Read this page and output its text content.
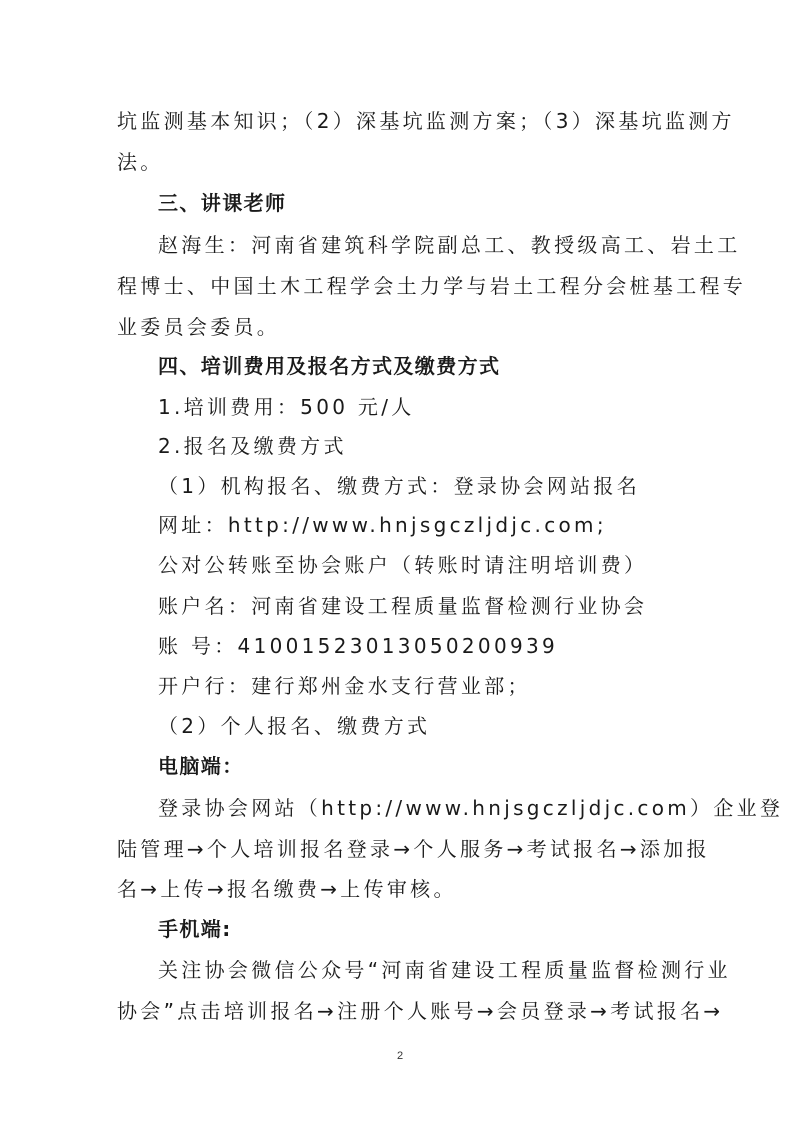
坑监测基本知识；（2）深基坑监测方案；（3）深基坑监测方
法。
三、讲课老师
赵海生：河南省建筑科学院副总工、教授级高工、岩土工
程博士、中国土木工程学会土力学与岩土工程分会桩基工程专
业委员会委员。
四、培训费用及报名方式及缴费方式
1.培训费用：500 元/人
2.报名及缴费方式
（1）机构报名、缴费方式：登录协会网站报名
网址：http://www.hnjsgczljdjc.com;
公对公转账至协会账户（转账时请注明培训费）
账户名：河南省建设工程质量监督检测行业协会
账 号：410015230130502009​39
开户行：建行郑州金水支行营业部；
（2）个人报名、缴费方式
电脑端：
登录协会网站（http://www.hnjsgczljdjc.com）企业登
陆管理→个人培训报名登录→个人服务→考试报名→添加报
名→上传→报名缴费→上传审核。
手机端:
关注协会微信公众号“河南省建设工程质量监督检测行业
协会”点击培训报名→注册个人账号→会员登录→考试报名→
2
